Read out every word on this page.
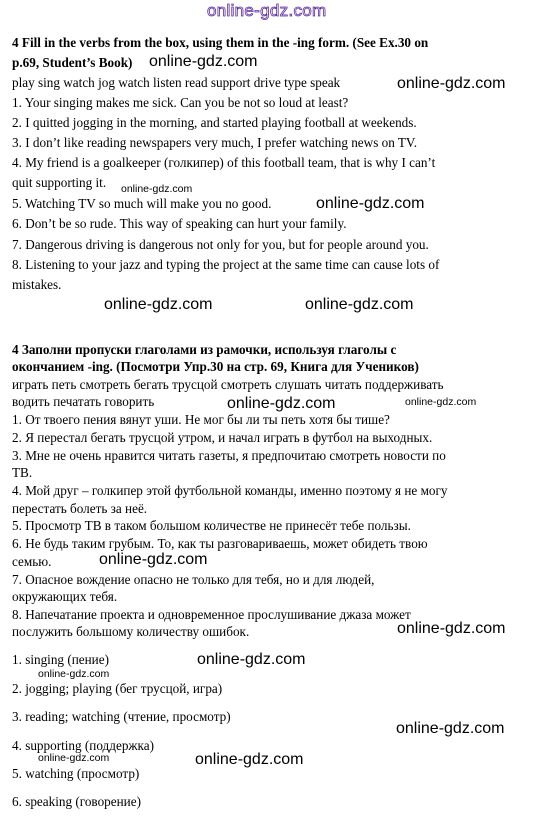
online-gdz.com
4 Fill in the verbs from the box, using them in the -ing form. (See Ex.30 on
p.69, Student’s Book)
play sing watch jog watch listen read support drive type speak
1. Your singing makes me sick. Can you be not so loud at least?
2. I quitted jogging in the morning, and started playing football at weekends.
3. I don’t like reading newspapers very much, I prefer watching news on TV.
4. My friend is a goalkeeper (голкипер) of this football team, that is why I can’t
quit supporting it.
5. Watching TV so much will make you no good.
6. Don’t be so rude. This way of speaking can hurt your family.
7. Dangerous driving is dangerous not only for you, but for people around you.
8. Listening to your jazz and typing the project at the same time can cause lots of
mistakes.
4 Заполни пропуски глаголами из рамочки, используя глаголы с
окончанием -ing. (Посмотри Упр.30 на стр. 69, Книга для Учеников)
играть петь смотреть бегать трусцой смотреть слушать читать поддерживать
водить печатать говорить
1. От твоего пения вянут уши. Не мог бы ли ты петь хотя бы тише?
2. Я перестал бегать трусцой утром, и начал играть в футбол на выходных.
3. Мне не очень нравится читать газеты, я предпочитаю смотреть новости по
ТВ.
4. Мой друг – голкипер этой футбольной команды, именно поэтому я не могу
перестать болеть за неё.
5. Просмотр ТВ в таком большом количестве не принесёт тебе пользы.
6. Не будь таким грубым. То, как ты разговариваешь, может обидеть твою
семью.
7. Опасное вождение опасно не только для тебя, но и для людей,
окружающих тебя.
8. Напечатание проекта и одновременное прослушивание джаза может
послужить большому количеству ошибок.
1. singing (пение)
2. jogging; playing (бег трусцой, игра)
3. reading; watching (чтение, просмотр)
4. supporting (поддержка)
5. watching (просмотр)
6. speaking (говорение)
online-gdz.com
online-gdz.com
online-gdz.com
online-gdz.com
online-gdz.com	online-gdz.com
online-gdz.com	online-gdz.com
online-gdz.com
online-gdz.com
online-gdz.com
online-gdz.com
online-gdz.com
online-gdz.com	online-gdz.com
